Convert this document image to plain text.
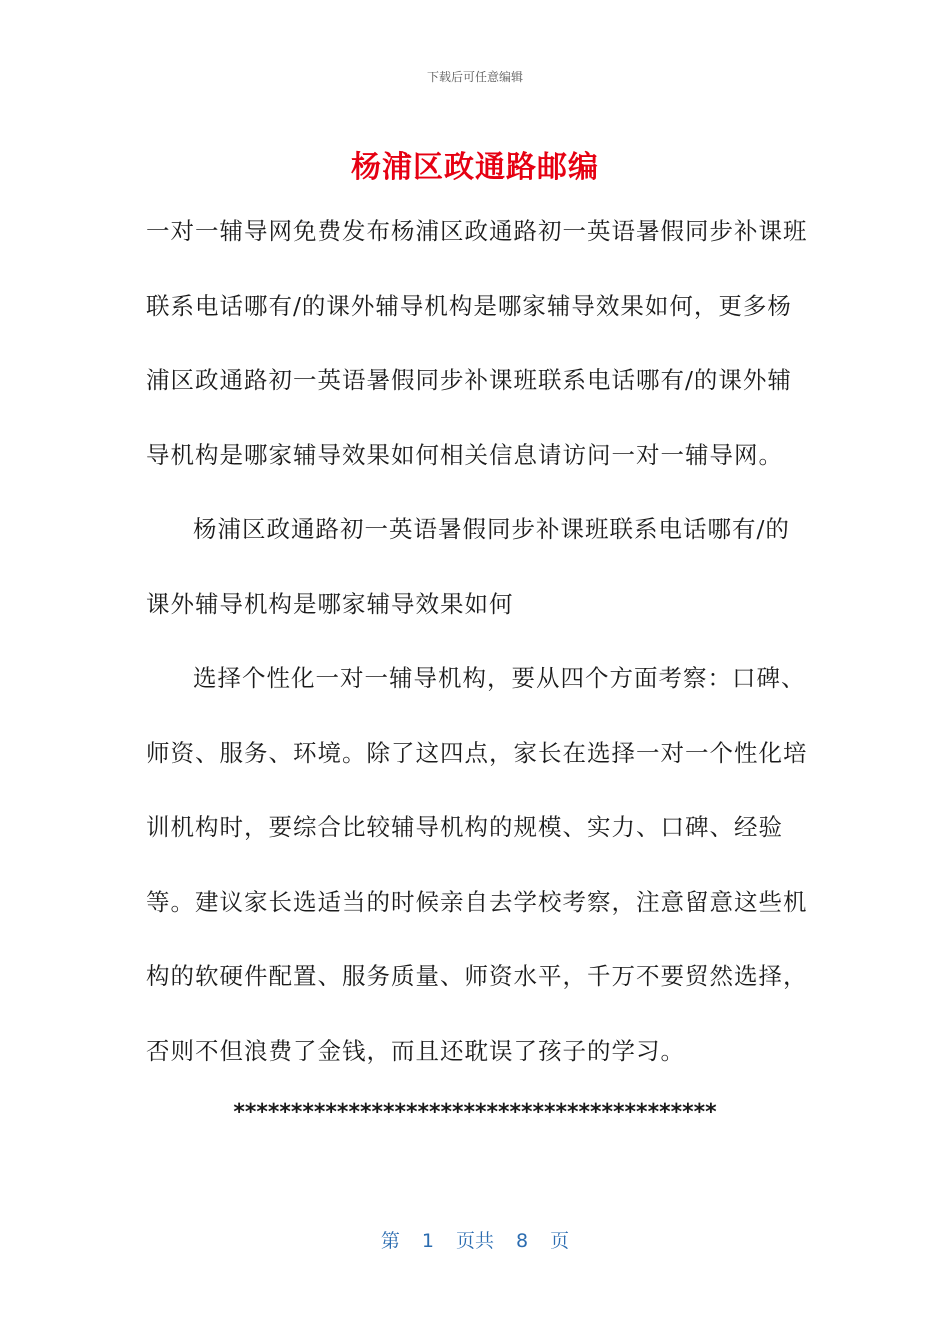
下载后可任意编辑
杨浦区政通路邮编

一对一辅导网免费发布杨浦区政通路初一英语暑假同步补课班联系电话哪有/的课外辅导机构是哪家辅导效果如何，更多杨浦区政通路初一英语暑假同步补课班联系电话哪有/的课外辅导机构是哪家辅导效果如何相关信息请访问一对一辅导网。

杨浦区政通路初一英语暑假同步补课班联系电话哪有/的课外辅导机构是哪家辅导效果如何

选择个性化一对一辅导机构，要从四个方面考察：口碑、师资、服务、环境。除了这四点，家长在选择一对一个性化培训机构时，要综合比较辅导机构的规模、实力、口碑、经验等。建议家长选适当的时候亲自去学校考察，注意留意这些机构的软硬件配置、服务质量、师资水平，千万不要贸然选择，否则不但浪费了金钱，而且还耽误了孩子的学习。

******************************************
第 1 页共 8 页
